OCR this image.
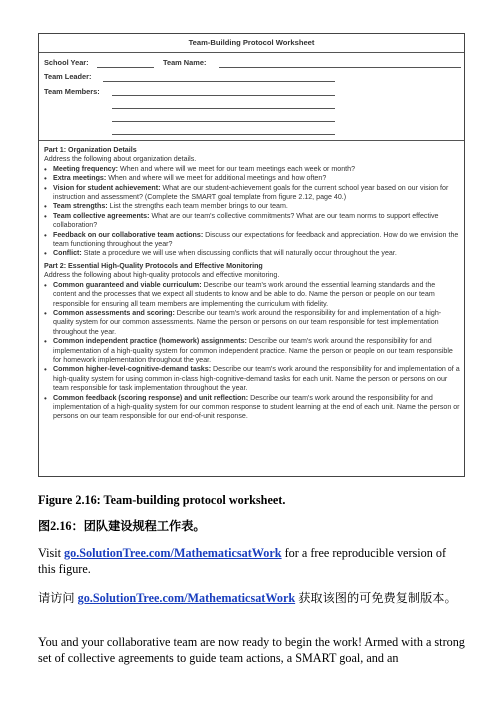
Team-Building Protocol Worksheet
School Year:	Team Name:
Team Leader:
Team Members:
Part 1: Organization Details
Address the following about organization details.
• Meeting frequency: When and where will we meet for our team meetings each week or month?
• Extra meetings: When and where will we meet for additional meetings and how often?
• Vision for student achievement: What are our student-achievement goals for the current school year based on our vision for instruction and assessment? (Complete the SMART goal template from figure 2.12, page 40.)
• Team strengths: List the strengths each team member brings to our team.
• Team collective agreements: What are our team's collective commitments? What are our team norms to support effective collaboration?
• Feedback on our collaborative team actions: Discuss our expectations for feedback and appreciation. How do we envision the team functioning throughout the year?
• Conflict: State a procedure we will use when discussing conflicts that will naturally occur throughout the year.
Part 2: Essential High-Quality Protocols and Effective Monitoring
Address the following about high-quality protocols and effective monitoring.
• Common guaranteed and viable curriculum: Describe our team's work around the essential learning standards and the content and the processes that we expect all students to know and be able to do. Name the person or people on our team responsible for ensuring all team members are implementing the curriculum with fidelity.
• Common assessments and scoring: Describe our team's work around the responsibility for and implementation of a high-quality system for our common assessments. Name the person or persons on our team responsible for test implementation throughout the year.
• Common independent practice (homework) assignments: Describe our team's work around the responsibility for and implementation of a high-quality system for common independent practice. Name the person or people on our team responsible for homework implementation throughout the year.
• Common higher-level-cognitive-demand tasks: Describe our team's work around the responsibility for and implementation of a high-quality system for using common in-class high-cognitive-demand tasks for each unit. Name the person or persons on our team responsible for task implementation throughout the year.
• Common feedback (scoring response) and unit reflection: Describe our team's work around the responsibility for and implementation of a high-quality system for our common response to student learning at the end of each unit. Name the person or persons on our team responsible for our end-of-unit response.
Figure 2.16: Team-building protocol worksheet.
图2.16：团队建设规程工作表。
Visit go.SolutionTree.com/MathematicsatWork for a free reproducible version of this figure.
请访问 go.SolutionTree.com/MathematicsatWork 获取该图的可免费复制版本。
You and your collaborative team are now ready to begin the work! Armed with a strong set of collective agreements to guide team actions, a SMART goal, and an
